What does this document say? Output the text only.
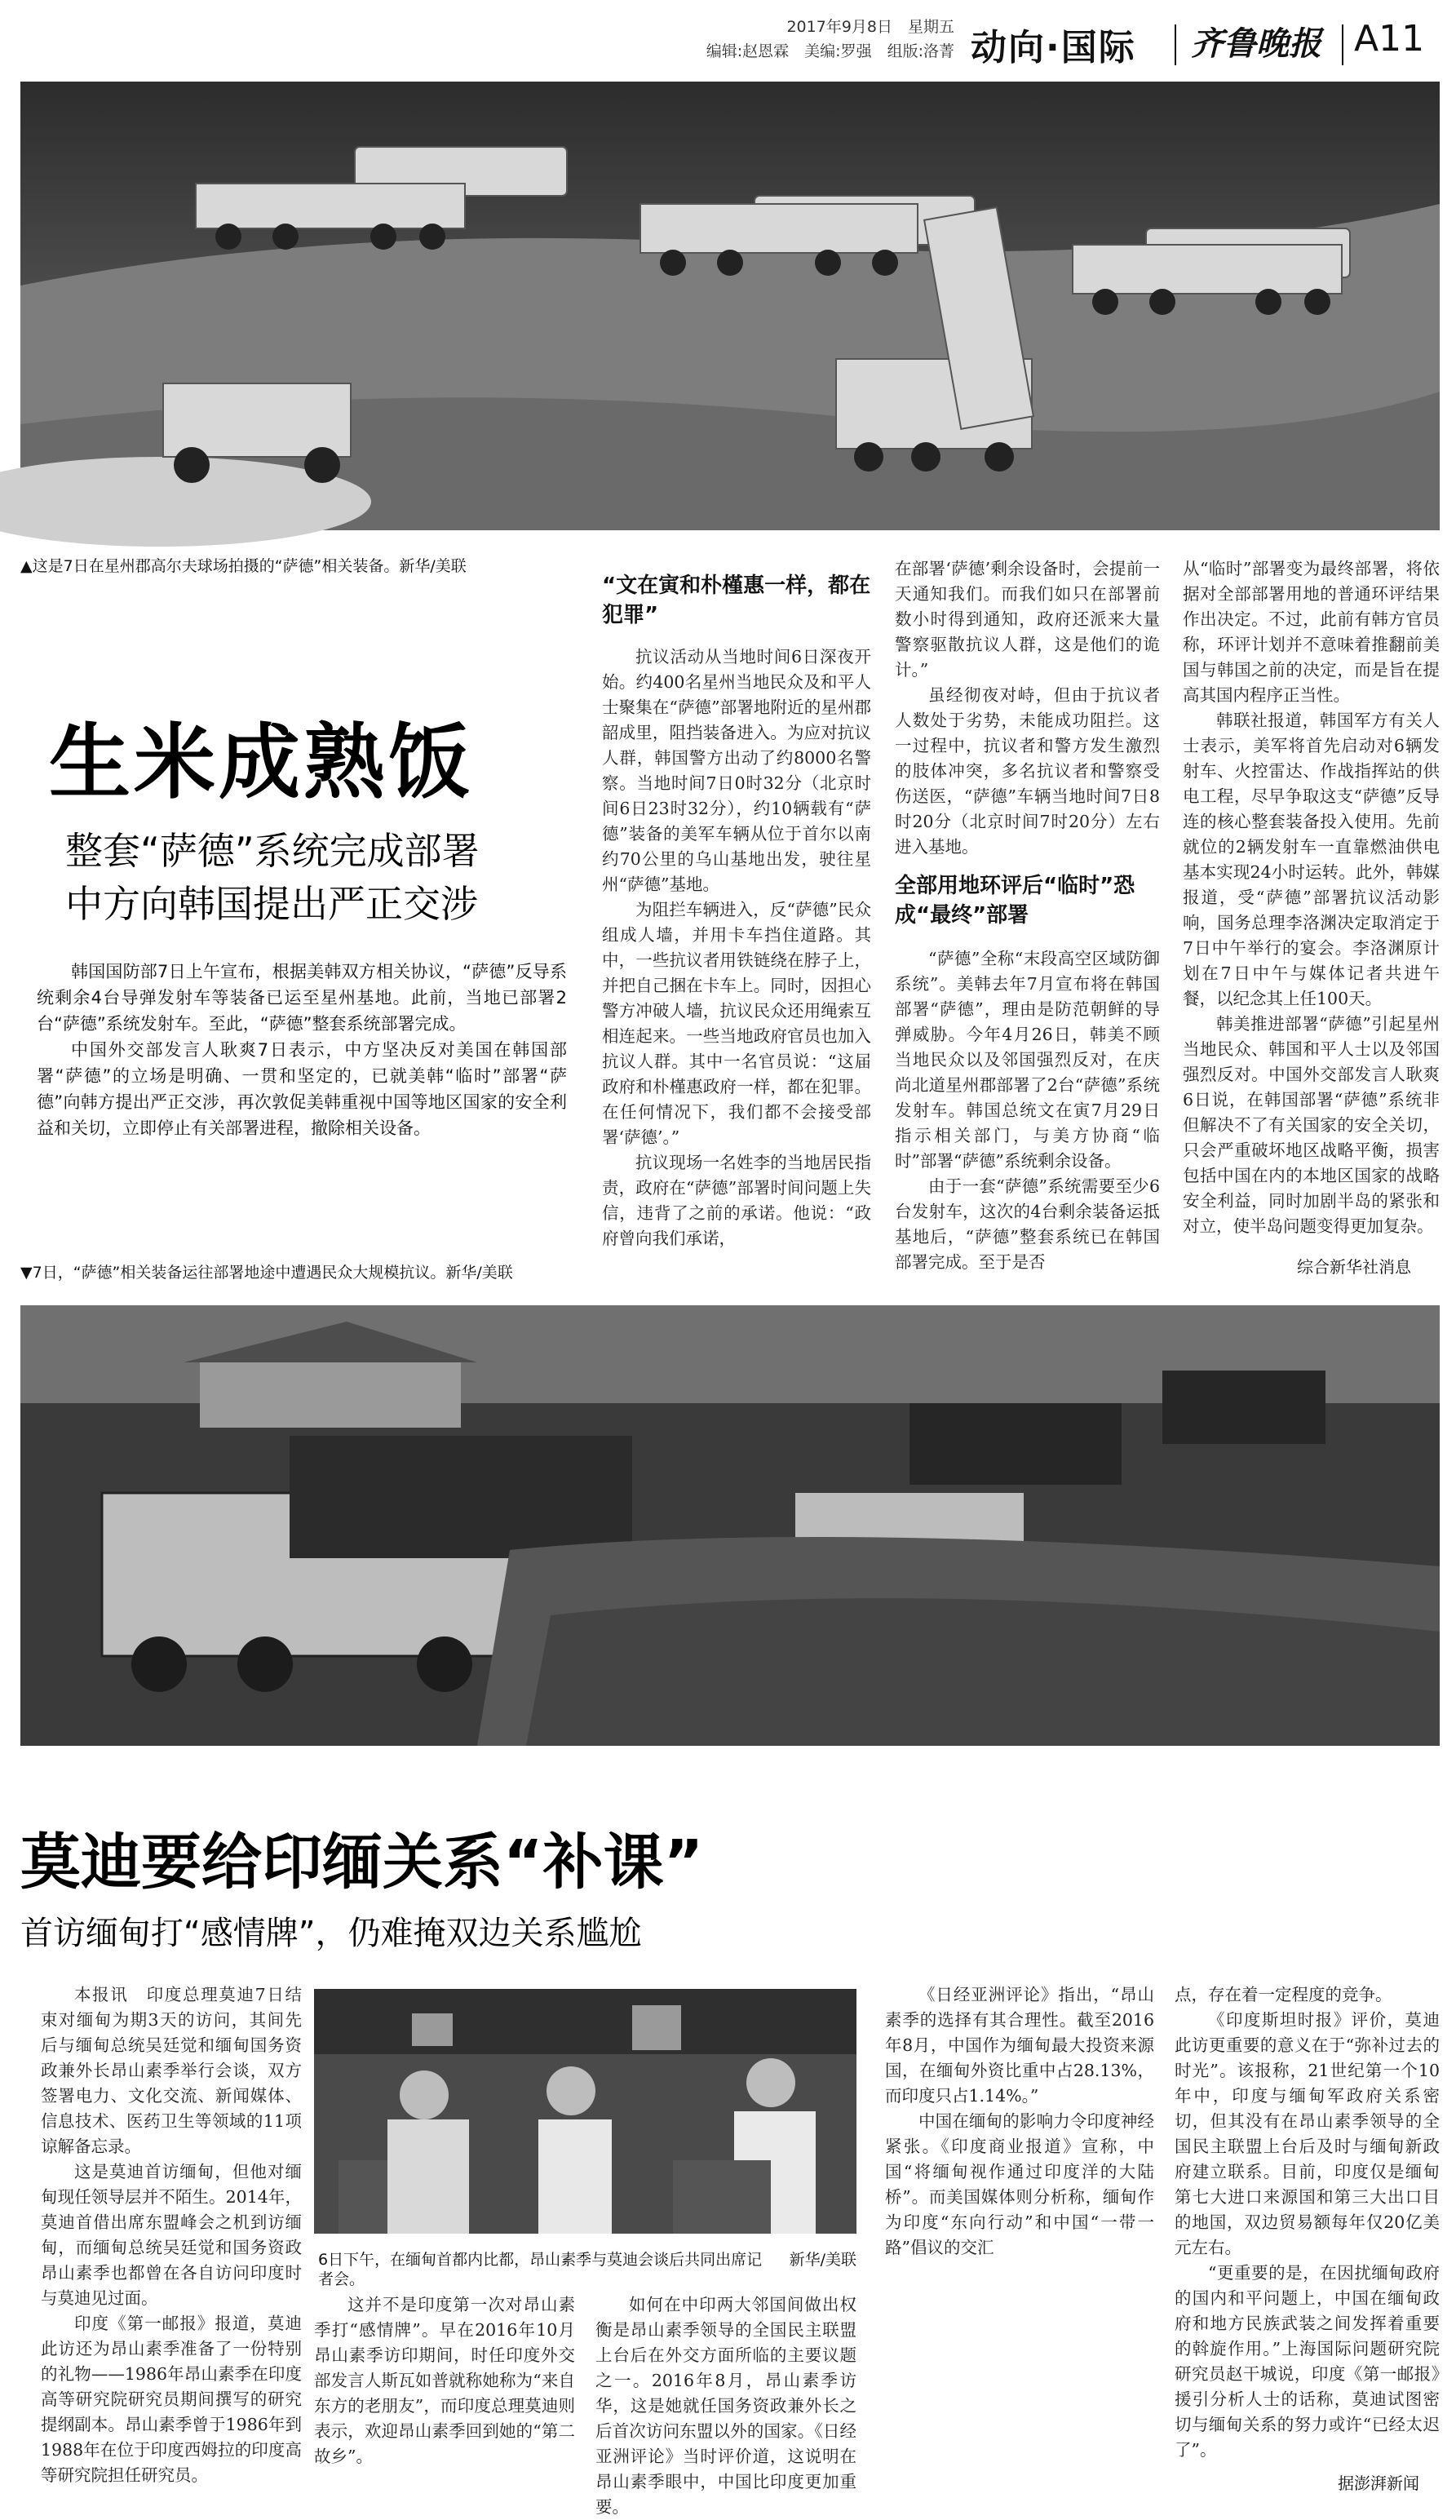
2017年9月8日　星期五
编辑:赵恩霖　美编:罗强　组版:洛菁 动向·国际 齐鲁晚报 A11
▲这是7日在星州郡高尔夫球场拍摄的“萨德”相关装备。新华/美联
生米成熟饭
整套“萨德”系统完成部署
中方向韩国提出严正交涉

韩国国防部7日上午宣布，根据美韩双方相关协议，“萨德”反导系统剩余4台导弹发射车等装备已运至星州基地。此前，当地已部署2台“萨德”系统发射车。至此，“萨德”整套系统部署完成。

中国外交部发言人耿爽7日表示，中方坚决反对美国在韩国部署“萨德”的立场是明确、一贯和坚定的，已就美韩“临时”部署“萨德”向韩方提出严正交涉，再次敦促美韩重视中国等地区国家的安全利益和关切，立即停止有关部署进程，撤除相关设备。

“文在寅和朴槿惠一样，都在犯罪”

抗议活动从当地时间6日深夜开始。约400名星州当地民众及和平人士聚集在“萨德”部署地附近的星州郡韶成里，阻挡装备进入。为应对抗议人群，韩国警方出动了约8000名警察。当地时间7日0时32分（北京时间6日23时32分），约10辆载有“萨德”装备的美军车辆从位于首尔以南约70公里的乌山基地出发，驶往星州“萨德”基地。

为阻拦车辆进入，反“萨德”民众组成人墙，并用卡车挡住道路。其中，一些抗议者用铁链绕在脖子上，并把自己捆在卡车上。同时，因担心警方冲破人墙，抗议民众还用绳索互相连起来。一些当地政府官员也加入抗议人群。其中一名官员说：“这届政府和朴槿惠政府一样，都在犯罪。在任何情况下，我们都不会接受部署‘萨德’。”

抗议现场一名姓李的当地居民指责，政府在“萨德”部署时间问题上失信，违背了之前的承诺。他说：“政府曾向我们承诺，

在部署‘萨德’剩余设备时，会提前一天通知我们。而我们如只在部署前数小时得到通知，政府还派来大量警察驱散抗议人群，这是他们的诡计。”

虽经彻夜对峙，但由于抗议者人数处于劣势，未能成功阻拦。这一过程中，抗议者和警方发生激烈的肢体冲突，多名抗议者和警察受伤送医，“萨德”车辆当地时间7日8时20分（北京时间7时20分）左右进入基地。

全部用地环评后“临时”恐成“最终”部署

“萨德”全称“末段高空区域防御系统”。美韩去年7月宣布将在韩国部署“萨德”，理由是防范朝鲜的导弹威胁。今年4月26日，韩美不顾当地民众以及邻国强烈反对，在庆尚北道星州郡部署了2台“萨德”系统发射车。韩国总统文在寅7月29日指示相关部门，与美方协商“临时”部署“萨德”系统剩余设备。

由于一套“萨德”系统需要至少6台发射车，这次的4台剩余装备运抵基地后，“萨德”整套系统已在韩国部署完成。至于是否

从“临时”部署变为最终部署，将依据对全部部署用地的普通环评结果作出决定。不过，此前有韩方官员称，环评计划并不意味着推翻前美国与韩国之前的决定，而是旨在提高其国内程序正当性。

韩联社报道，韩国军方有关人士表示，美军将首先启动对6辆发射车、火控雷达、作战指挥站的供电工程，尽早争取这支“萨德”反导连的核心整套装备投入使用。先前就位的2辆发射车一直靠燃油供电基本实现24小时运转。此外，韩媒报道，受“萨德”部署抗议活动影响，国务总理李洛渊决定取消定于7日中午举行的宴会。李洛渊原计划在7日中午与媒体记者共进午餐，以纪念其上任100天。

韩美推进部署“萨德”引起星州当地民众、韩国和平人士以及邻国强烈反对。中国外交部发言人耿爽6日说，在韩国部署“萨德”系统非但解决不了有关国家的安全关切，只会严重破坏地区战略平衡，损害包括中国在内的本地区国家的战略安全利益，同时加剧半岛的紧张和对立，使半岛问题变得更加复杂。

综合新华社消息
▼7日，“萨德”相关装备运往部署地途中遭遇民众大规模抗议。新华/美联
莫迪要给印缅关系“补课”
首访缅甸打“感情牌”，仍难掩双边关系尴尬

本报讯　印度总理莫迪7日结束对缅甸为期3天的访问，其间先后与缅甸总统吴廷觉和缅甸国务资政兼外长昂山素季举行会谈，双方签署电力、文化交流、新闻媒体、信息技术、医药卫生等领域的11项谅解备忘录。

这是莫迪首访缅甸，但他对缅甸现任领导层并不陌生。2014年，莫迪首借出席东盟峰会之机到访缅甸，而缅甸总统吴廷觉和国务资政昂山素季也都曾在各自访问印度时与莫迪见过面。

印度《第一邮报》报道，莫迪此访还为昂山素季准备了一份特别的礼物——1986年昂山素季在印度高等研究院研究员期间撰写的研究提纲副本。昂山素季曾于1986年到1988年在位于印度西姆拉的印度高等研究院担任研究员。

6日下午，在缅甸首都内比都，昂山素季与莫迪会谈后共同出席记者会。
新华/美联

这并不是印度第一次对昂山素季打“感情牌”。早在2016年10月昂山素季访印期间，时任印度外交部发言人斯瓦如普就称她称为“来自东方的老朋友”，而印度总理莫迪则表示，欢迎昂山素季回到她的“第二故乡”。

如何在中印两大邻国间做出权衡是昂山素季领导的全国民主联盟上台后在外交方面所临的主要议题之一。2016年8月，昂山素季访华，这是她就任国务资政兼外长之后首次访问东盟以外的国家。《日经亚洲评论》当时评价道，这说明在昂山素季眼中，中国比印度更加重要。

《日经亚洲评论》指出，“昂山素季的选择有其合理性。截至2016年8月，中国作为缅甸最大投资来源国，在缅甸外资比重中占28.13%，而印度只占1.14%。”

中国在缅甸的影响力令印度神经紧张。《印度商业报道》宣称，中国“将缅甸视作通过印度洋的大陆桥”。而美国媒体则分析称，缅甸作为印度“东向行动”和中国“一带一路”倡议的交汇

点，存在着一定程度的竞争。

《印度斯坦时报》评价，莫迪此访更重要的意义在于“弥补过去的时光”。该报称，21世纪第一个10年中，印度与缅甸军政府关系密切，但其没有在昂山素季领导的全国民主联盟上台后及时与缅甸新政府建立联系。目前，印度仅是缅甸第七大进口来源国和第三大出口目的地国，双边贸易额每年仅20亿美元左右。

“更重要的是，在因扰缅甸政府的国内和平问题上，中国在缅甸政府和地方民族武装之间发挥着重要的斡旋作用。”上海国际问题研究院研究员赵干城说，印度《第一邮报》援引分析人士的话称，莫迪试图密切与缅甸关系的努力或许“已经太迟了”。

据澎湃新闻
